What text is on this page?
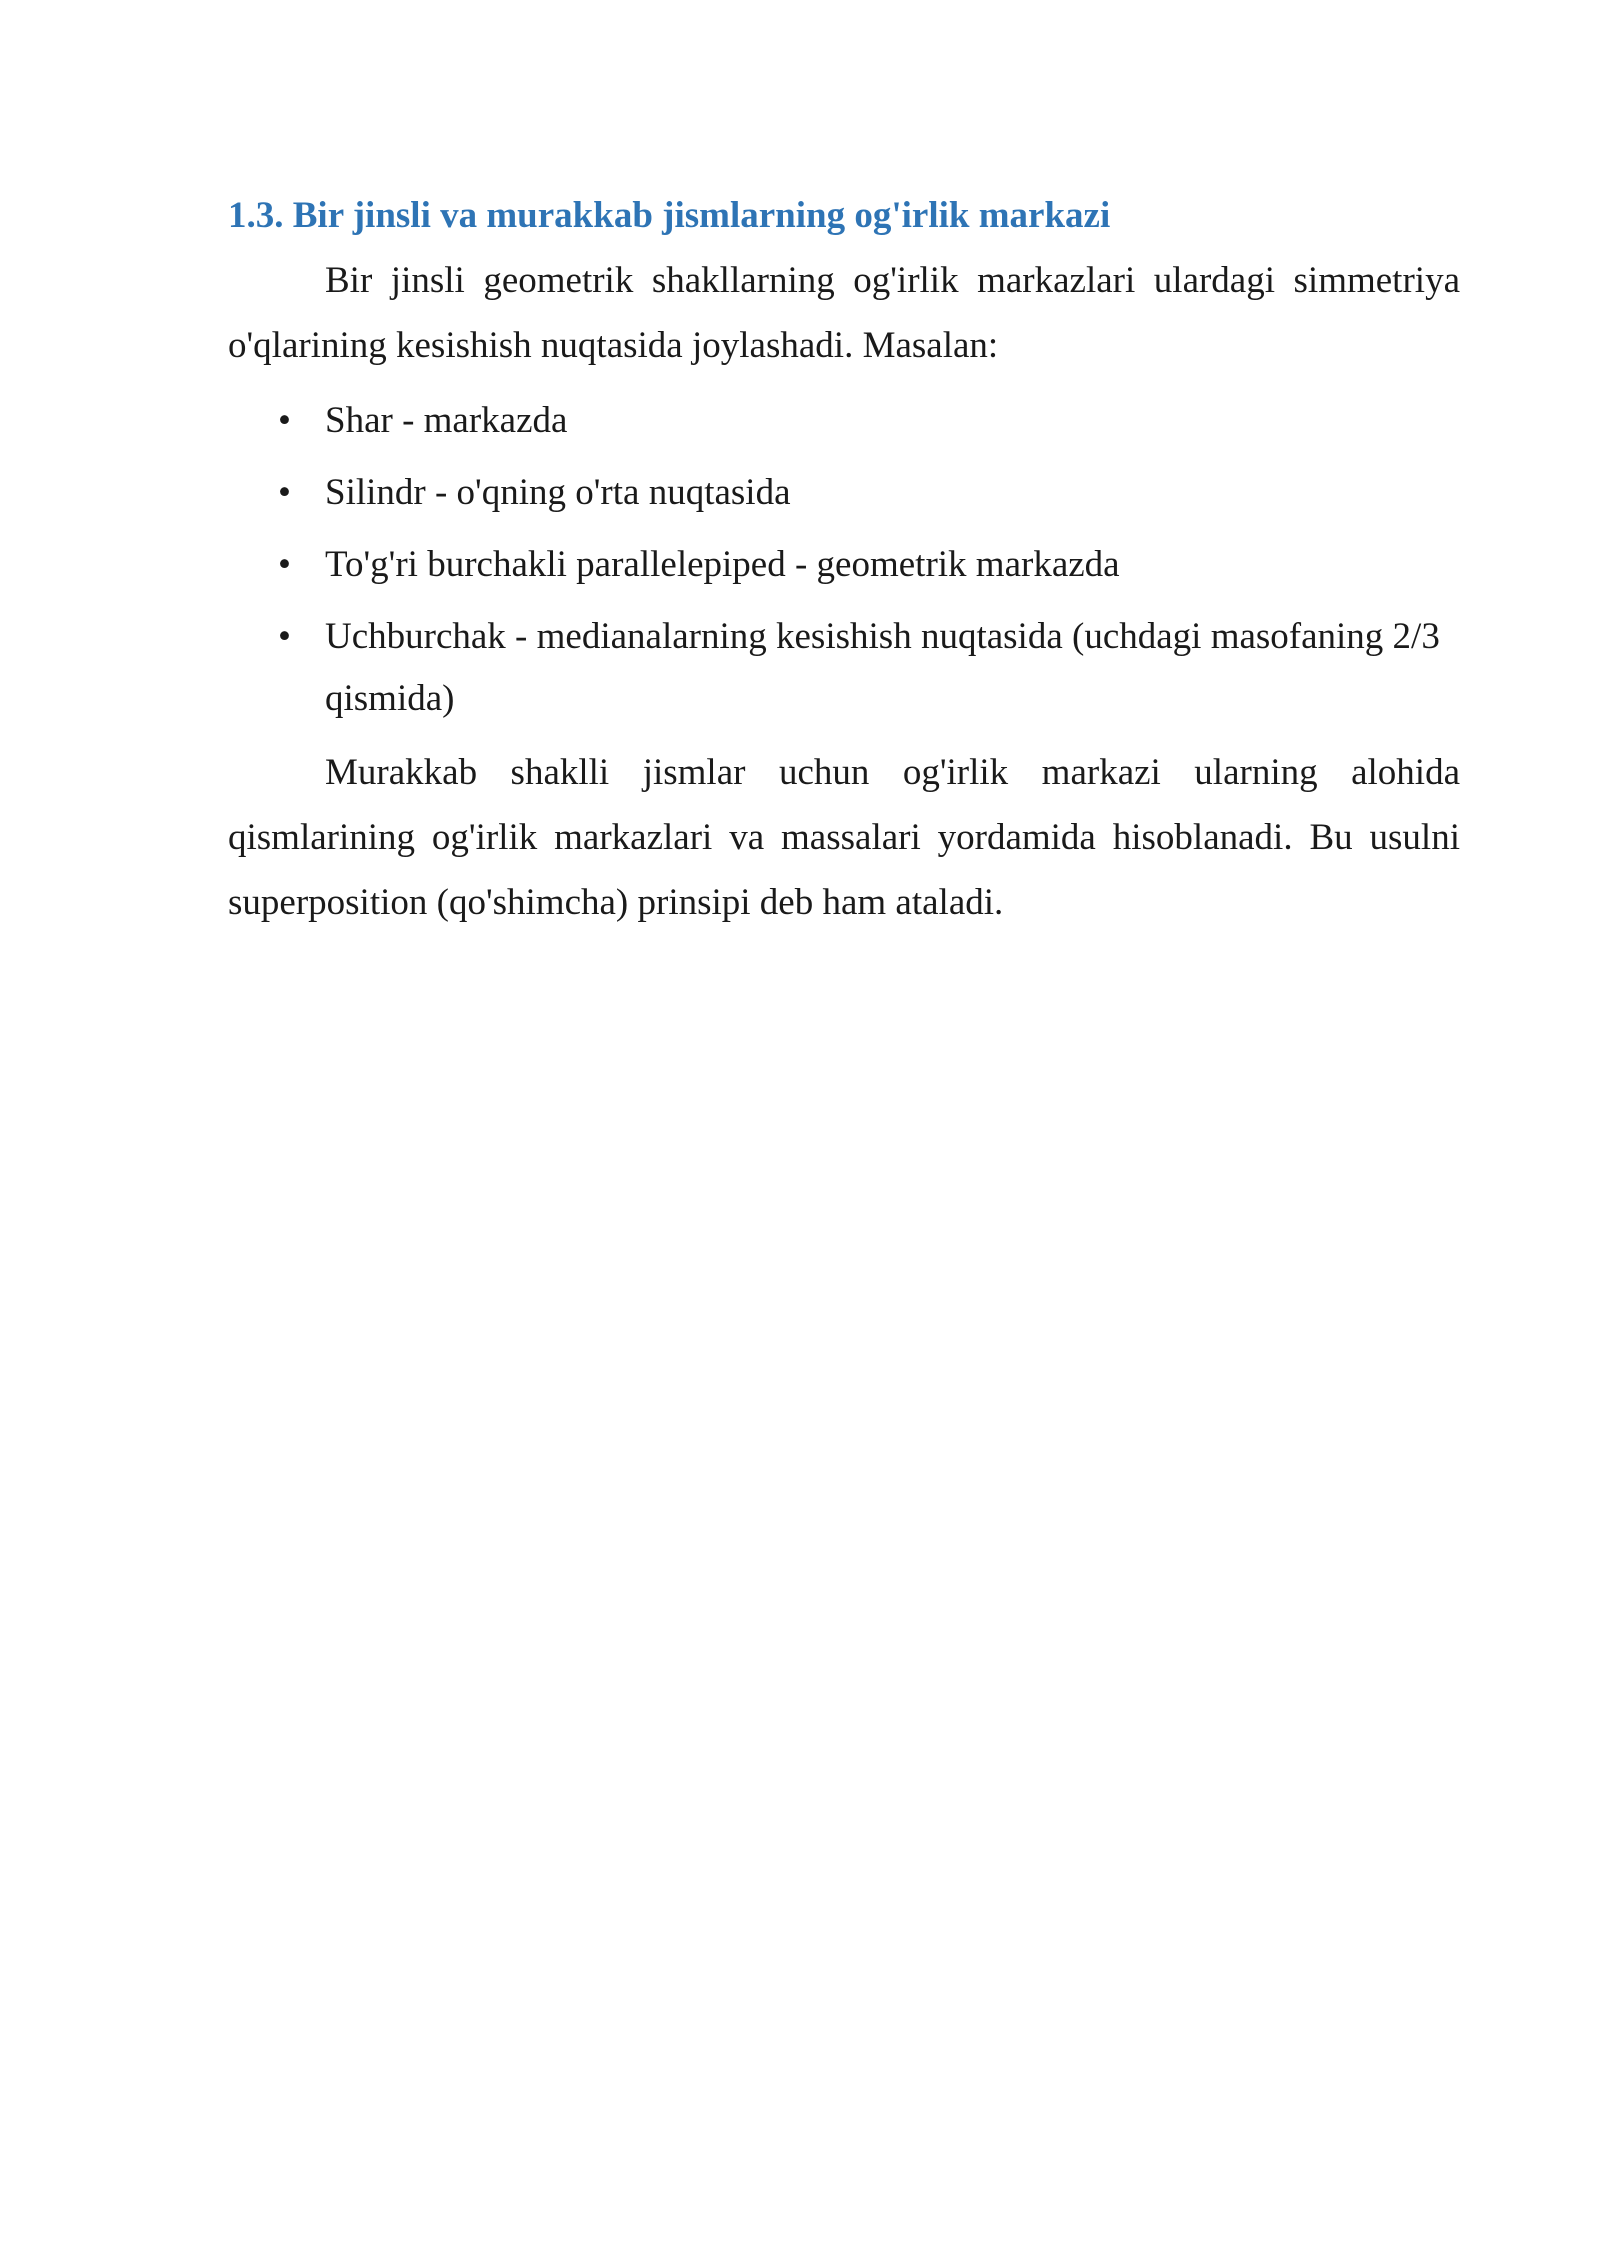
1.3. Bir jinsli va murakkab jismlarning og'irlik markazi

Bir jinsli geometrik shakllarning og'irlik markazlari ulardagi simmetriya o'qlarining kesishish nuqtasida joylashadi. Masalan:

• Shar - markazda
• Silindr - o'qning o'rta nuqtasida
• To'g'ri burchakli parallelepiped - geometrik markazda
• Uchburchak - medianalarning kesishish nuqtasida (uchdagi masofaning 2/3 qismida)

Murakkab shaklli jismlar uchun og'irlik markazi ularning alohida qismlarining og'irlik markazlari va massalari yordamida hisoblanadi. Bu usulni superposition (qo'shimcha) prinsipi deb ham ataladi.
